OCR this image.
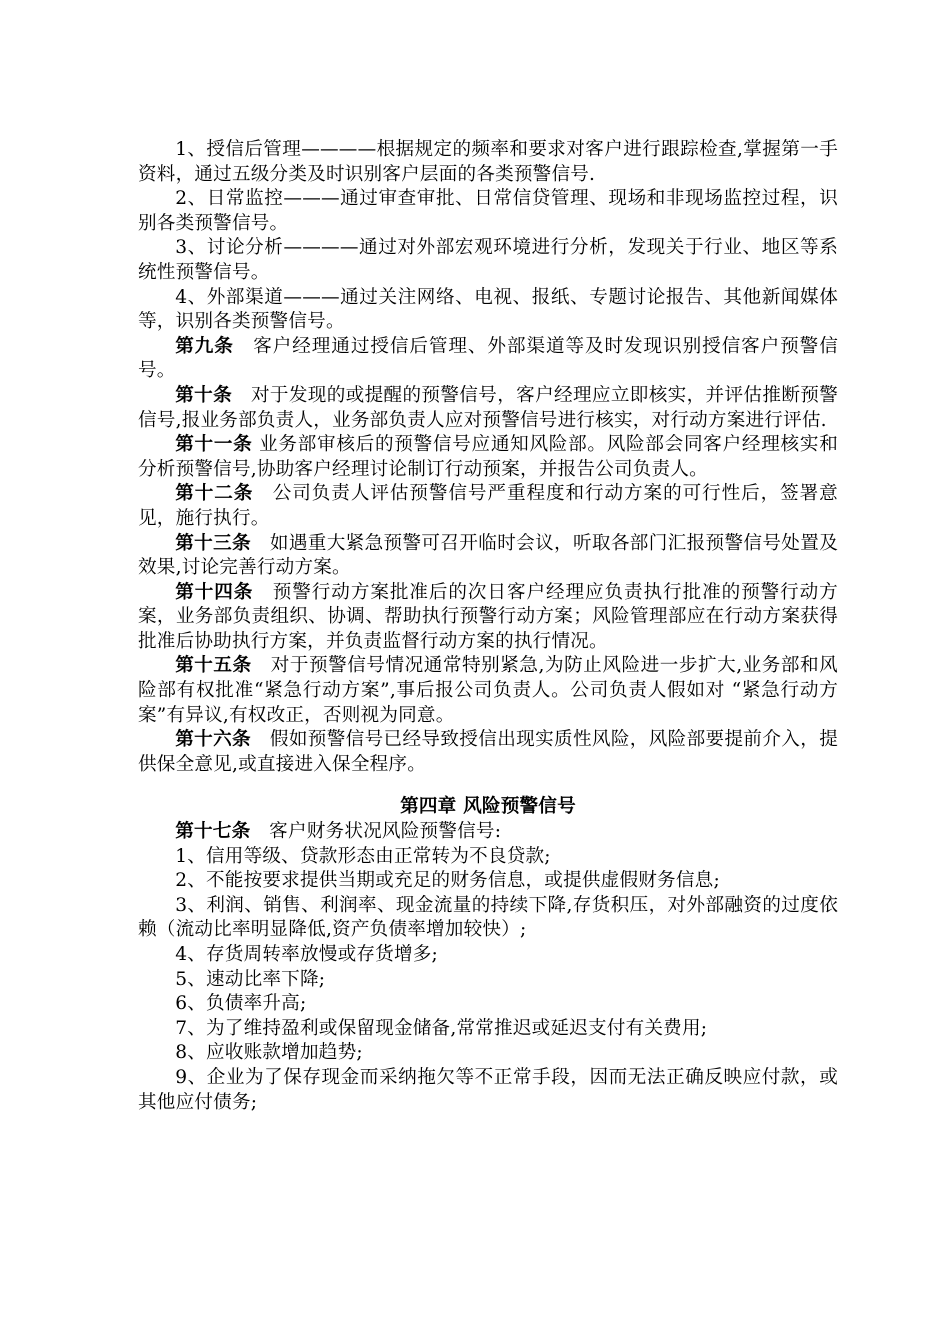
1、授信后管理————根据规定的频率和要求对客户进行跟踪检查,掌握第一手资料，通过五级分类及时识别客户层面的各类预警信号.

2、日常监控———通过审查审批、日常信贷管理、现场和非现场监控过程，识别各类预警信号。

3、讨论分析————通过对外部宏观环境进行分析，发现关于行业、地区等系统性预警信号。

4、外部渠道———通过关注网络、电视、报纸、专题讨论报告、其他新闻媒体等，识别各类预警信号。

第九条　客户经理通过授信后管理、外部渠道等及时发现识别授信客户预警信号。

第十条　对于发现的或提醒的预警信号，客户经理应立即核实，并评估推断预警信号,报业务部负责人，业务部负责人应对预警信号进行核实，对行动方案进行评估.

第十一条 业务部审核后的预警信号应通知风险部。风险部会同客户经理核实和分析预警信号,协助客户经理讨论制订行动预案，并报告公司负责人。

第十二条　公司负责人评估预警信号严重程度和行动方案的可行性后，签署意见，施行执行。

第十三条　如遇重大紧急预警可召开临时会议，听取各部门汇报预警信号处置及效果,讨论完善行动方案。

第十四条　预警行动方案批准后的次日客户经理应负责执行批准的预警行动方案，业务部负责组织、协调、帮助执行预警行动方案；风险管理部应在行动方案获得批准后协助执行方案，并负责监督行动方案的执行情况。

第十五条　对于预警信号情况通常特别紧急,为防止风险进一步扩大,业务部和风险部有权批准“紧急行动方案”,事后报公司负责人。公司负责人假如对 “紧急行动方案”有异议,有权改正，否则视为同意。

第十六条　假如预警信号已经导致授信出现实质性风险，风险部要提前介入，提供保全意见,或直接进入保全程序。

第四章 风险预警信号

第十七条　客户财务状况风险预警信号:

1、信用等级、贷款形态由正常转为不良贷款;

2、不能按要求提供当期或充足的财务信息，或提供虚假财务信息;

3、利润、销售、利润率、现金流量的持续下降,存货积压，对外部融资的过度依赖（流动比率明显降低,资产负债率增加较快）;

4、存货周转率放慢或存货增多;

5、速动比率下降;

6、负债率升高;

7、为了维持盈利或保留现金储备,常常推迟或延迟支付有关费用;

8、应收账款增加趋势;

9、企业为了保存现金而采纳拖欠等不正常手段，因而无法正确反映应付款，或其他应付债务;
